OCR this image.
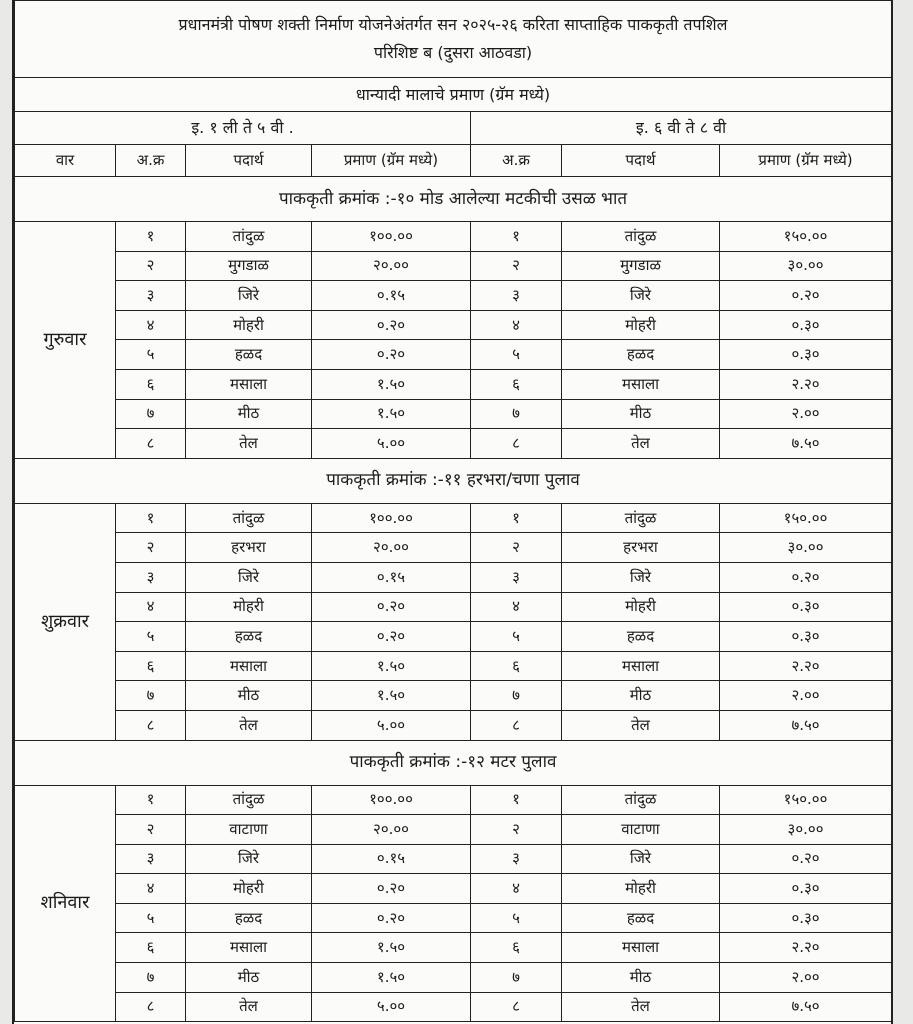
प्रधानमंत्री पोषण शक्ती निर्माण योजनेअंतर्गत सन २०२५-२६ करिता साप्ताहिक पाककृती तपशिल
परिशिष्ट ब (दुसरा आठवडा)						
धान्यादी मालाचे प्रमाण (ग्रॅम मध्ये)						
इ. १ ली ते ५ वी .				इ. ६ वी ते ८ वी		
वार	अ.क्र	पदार्थ	प्रमाण (ग्रॅम मध्ये)	अ.क्र	पदार्थ	प्रमाण (ग्रॅम मध्ये)
पाककृती क्रमांक :-१० मोड आलेल्या मटकीची उसळ भात						
गुरुवार	१	तांदुळ	१००.००	१	तांदुळ	१५०.००
	२	मुगडाळ	२०.००	२	मुगडाळ	३०.००
	३	जिरे	०.१५	३	जिरे	०.२०
	४	मोहरी	०.२०	४	मोहरी	०.३०
	५	हळद	०.२०	५	हळद	०.३०
	६	मसाला	१.५०	६	मसाला	२.२०
	७	मीठ	१.५०	७	मीठ	२.००
	८	तेल	५.००	८	तेल	७.५०
पाककृती क्रमांक :-११ हरभरा/चणा पुलाव						
शुक्रवार	१	तांदुळ	१००.००	१	तांदुळ	१५०.००
	२	हरभरा	२०.००	२	हरभरा	३०.००
	३	जिरे	०.१५	३	जिरे	०.२०
	४	मोहरी	०.२०	४	मोहरी	०.३०
	५	हळद	०.२०	५	हळद	०.३०
	६	मसाला	१.५०	६	मसाला	२.२०
	७	मीठ	१.५०	७	मीठ	२.००
	८	तेल	५.००	८	तेल	७.५०
पाककृती क्रमांक :-१२ मटर पुलाव						
शनिवार	१	तांदुळ	१००.००	१	तांदुळ	१५०.००
	२	वाटाणा	२०.००	२	वाटाणा	३०.००
	३	जिरे	०.१५	३	जिरे	०.२०
	४	मोहरी	०.२०	४	मोहरी	०.३०
	५	हळद	०.२०	५	हळद	०.३०
	६	मसाला	१.५०	६	मसाला	२.२०
	७	मीठ	१.५०	७	मीठ	२.००
	८	तेल	५.००	८	तेल	७.५०
